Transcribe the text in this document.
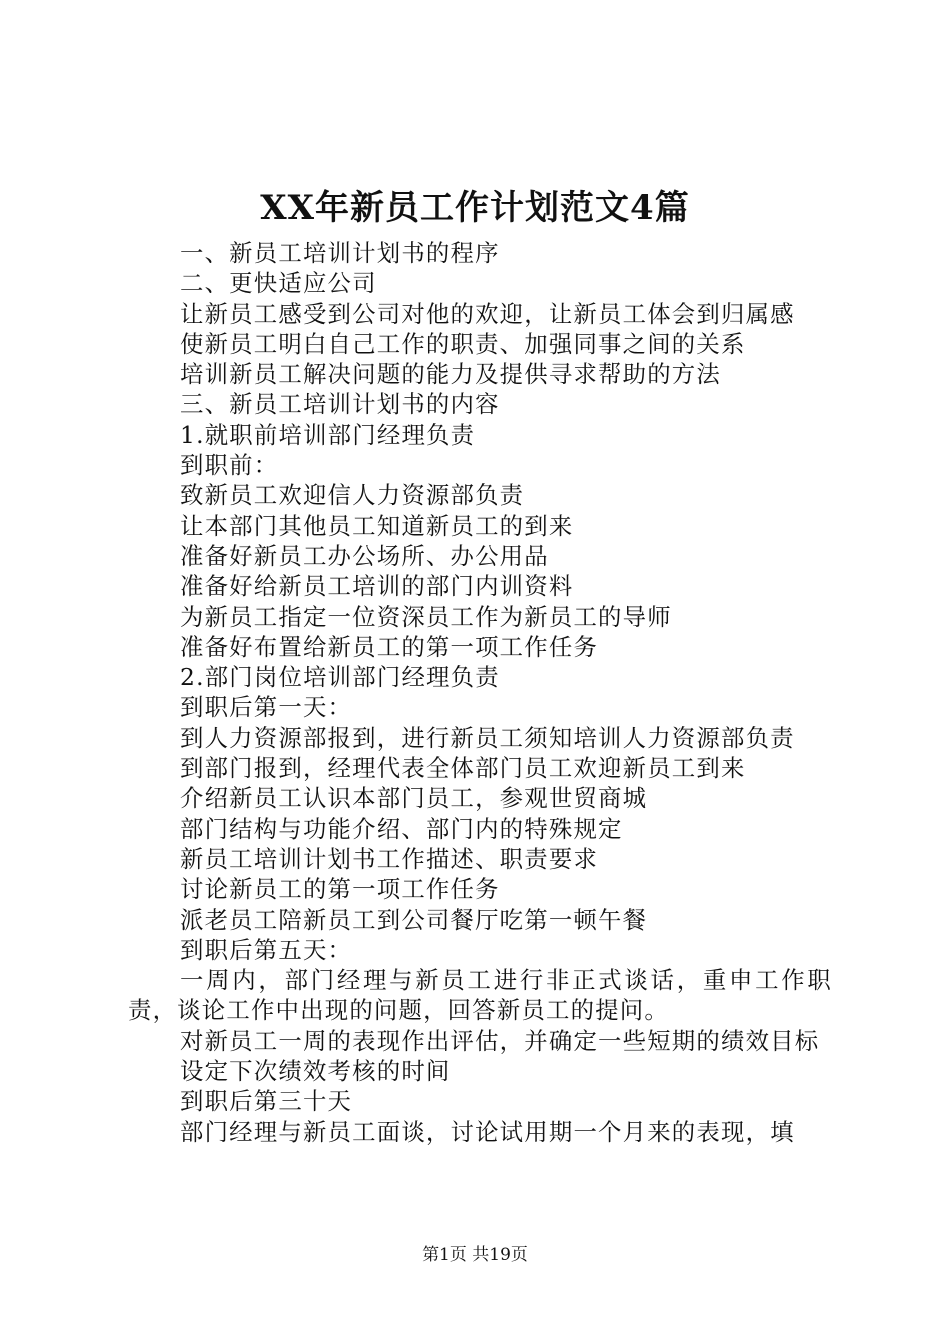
XX年新员工作计划范文4篇
一、新员工培训计划书的程序
二、更快适应公司
让新员工感受到公司对他的欢迎，让新员工体会到归属感
使新员工明白自己工作的职责、加强同事之间的关系
培训新员工解决问题的能力及提供寻求帮助的方法
三、新员工培训计划书的内容
1.就职前培训部门经理负责
到职前：
致新员工欢迎信人力资源部负责
让本部门其他员工知道新员工的到来
准备好新员工办公场所、办公用品
准备好给新员工培训的部门内训资料
为新员工指定一位资深员工作为新员工的导师
准备好布置给新员工的第一项工作任务
2.部门岗位培训部门经理负责
到职后第一天：
到人力资源部报到，进行新员工须知培训人力资源部负责
到部门报到，经理代表全体部门员工欢迎新员工到来
介绍新员工认识本部门员工，参观世贸商城
部门结构与功能介绍、部门内的特殊规定
新员工培训计划书工作描述、职责要求
讨论新员工的第一项工作任务
派老员工陪新员工到公司餐厅吃第一顿午餐
到职后第五天：
一周内，部门经理与新员工进行非正式谈话，重申工作职责，谈论工作中出现的问题，回答新员工的提问。
对新员工一周的表现作出评估，并确定一些短期的绩效目标
设定下次绩效考核的时间
到职后第三十天
部门经理与新员工面谈，讨论试用期一个月来的表现，填
第1页 共19页
